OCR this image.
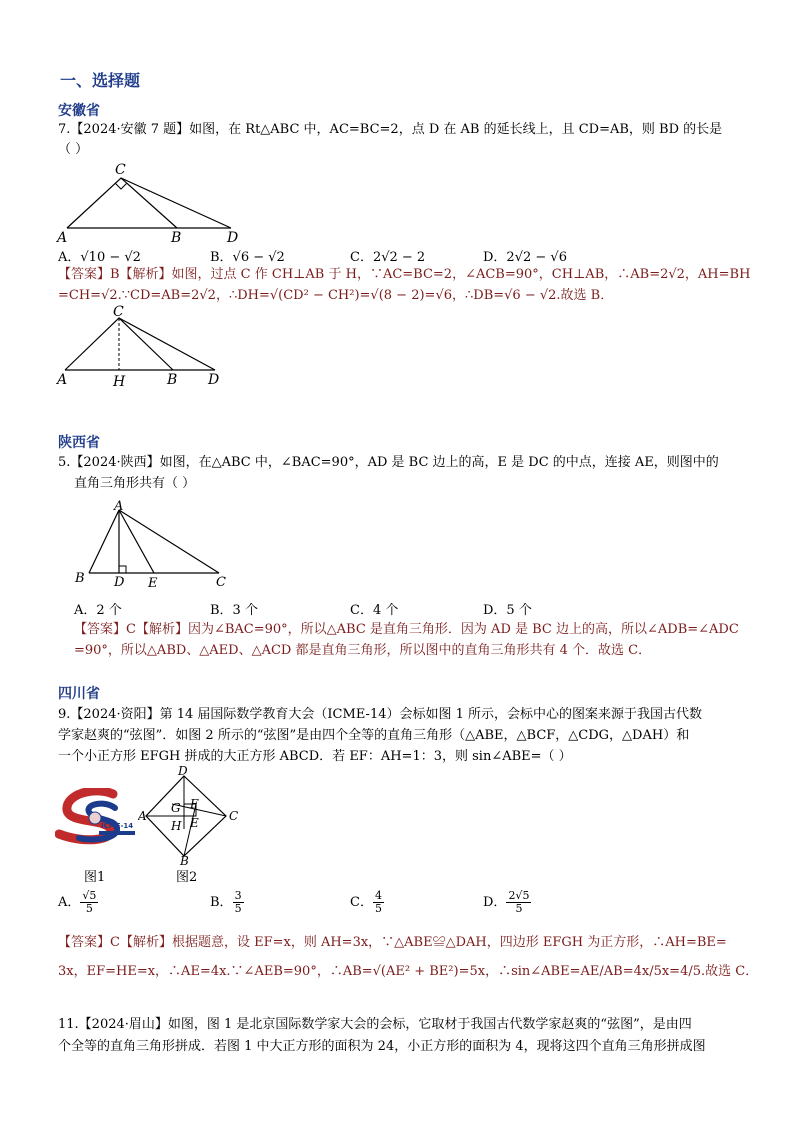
一、选择题
安徽省
7.【2024·安徽 7 题】如图，在 Rt△ABC 中，AC=BC=2，点 D 在 AB 的延长线上，且 CD=AB，则 BD 的长是
（ ）
C
A	B	D
A．√10 − √2	B．√6 − √2	C．2√2 − 2	D．2√2 − √6
【答案】B【解析】如图，过点 C 作 CH⊥AB 于 H，∵AC=BC=2，∠ACB=90°，CH⊥AB，∴AB=2√2，AH=BH
=CH=√2.∵CD=AB=2√2，∴DH=√(CD² − CH²)=√(8 − 2)=√6，∴DB=√6 − √2.故选 B．
C
A	H	B D
陕西省
5.【2024·陕西】如图，在△ABC 中，∠BAC=90°，AD 是 BC 边上的高，E 是 DC 的中点，连接 AE，则图中的
直角三角形共有（ ）
A
B D E	C
A．2 个	B．3 个	C．4 个	D．5 个
【答案】C【解析】因为∠BAC=90°，所以△ABC 是直角三角形．因为 AD 是 BC 边上的高，所以∠ADB=∠ADC
=90°，所以△ABD、△AED、△ACD 都是直角三角形，所以图中的直角三角形共有 4 个．故选 C．
四川省
9.【2024·资阳】第 14 届国际数学教育大会（ICME-14）会标如图 1 所示，会标中心的图案来源于我国古代数
学家赵爽的“弦图”．如图 2 所示的“弦图”是由四个全等的直角三角形（△ABE，△BCF，△CDG，△DAH）和
一个小正方形 EFGH 拼成的大正方形 ABCD．若 EF：AH=1：3，则 sin∠ABE=（ ）
ICME-14
D
A	C
B
G F
H E
图1	图2
A． $\frac{√5}{5}$	B． $\frac{3}{5}$	C． $\frac{4}{5}$	D． $\frac{2√5}{5}$
【答案】C【解析】根据题意，设 EF=x，则 AH=3x，∵△ABE≌△DAH，四边形 EFGH 为正方形，∴AH=BE=
3x，EF=HE=x，∴AE=4x.∵∠AEB=90°，∴AB=√(AE² + BE²)=5x，∴sin∠ABE=AE/AB=4x/5x=4/5.故选 C．
11.【2024·眉山】如图，图 1 是北京国际数学家大会的会标，它取材于我国古代数学家赵爽的“弦图”，是由四
个全等的直角三角形拼成．若图 1 中大正方形的面积为 24，小正方形的面积为 4，现将这四个直角三角形拼成图
